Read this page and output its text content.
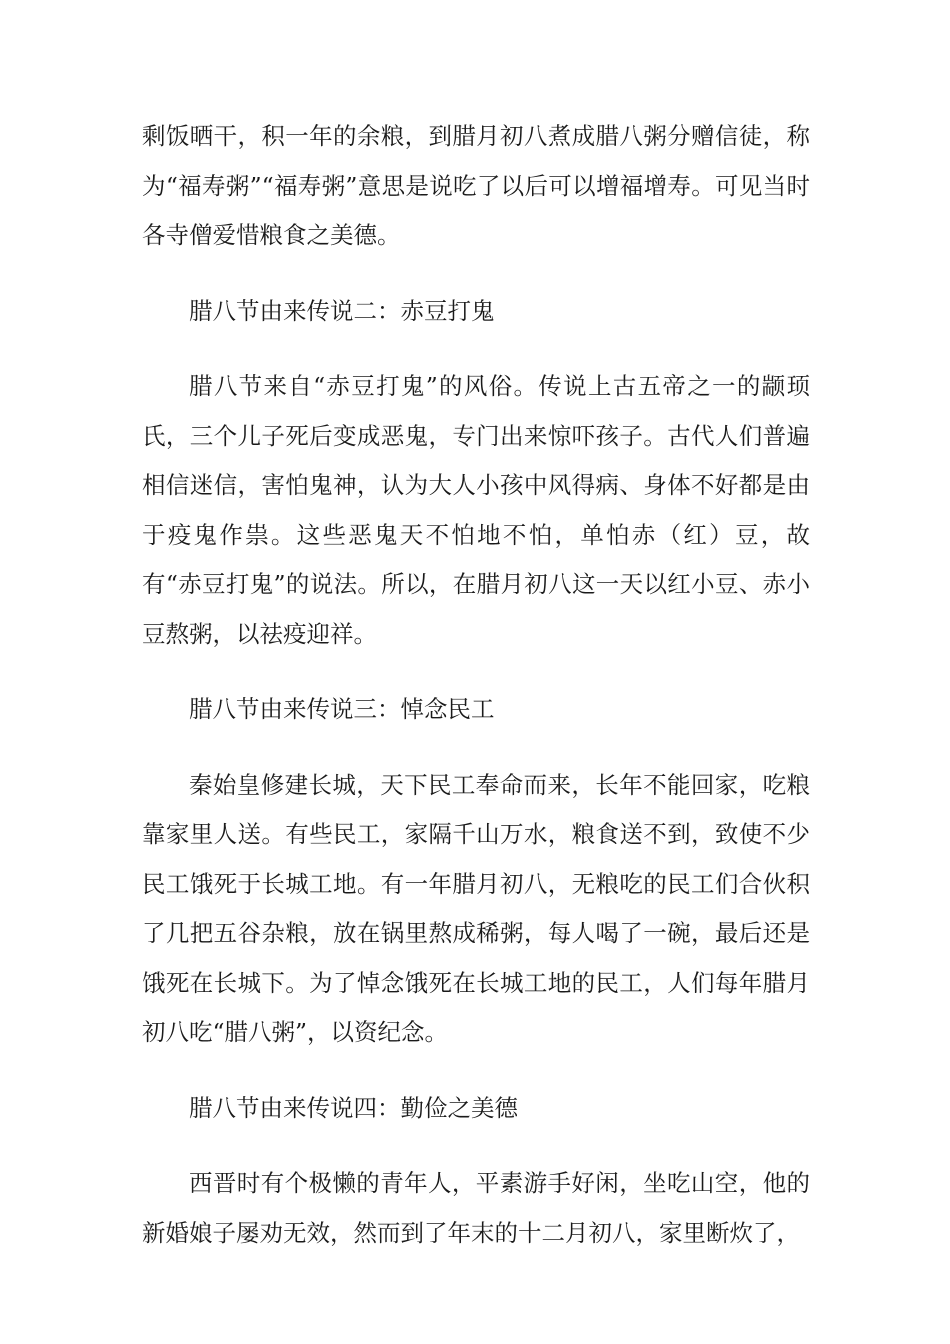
剩饭晒干，积一年的余粮，到腊月初八煮成腊八粥分赠信徒，称为“福寿粥”“福寿粥”意思是说吃了以后可以增福增寿。可见当时各寺僧爱惜粮食之美德。

腊八节由来传说二：赤豆打鬼

腊八节来自“赤豆打鬼”的风俗。传说上古五帝之一的颛顼氏，三个儿子死后变成恶鬼，专门出来惊吓孩子。古代人们普遍相信迷信，害怕鬼神，认为大人小孩中风得病、身体不好都是由于疫鬼作祟。这些恶鬼天不怕地不怕，单怕赤（红）豆，故有“赤豆打鬼”的说法。所以，在腊月初八这一天以红小豆、赤小豆熬粥，以祛疫迎祥。

腊八节由来传说三：悼念民工

秦始皇修建长城，天下民工奉命而来，长年不能回家，吃粮靠家里人送。有些民工，家隔千山万水，粮食送不到，致使不少民工饿死于长城工地。有一年腊月初八，无粮吃的民工们合伙积了几把五谷杂粮，放在锅里熬成稀粥，每人喝了一碗，最后还是饿死在长城下。为了悼念饿死在长城工地的民工，人们每年腊月初八吃“腊八粥”，以资纪念。

腊八节由来传说四：勤俭之美德

西晋时有个极懒的青年人，平素游手好闲，坐吃山空，他的新婚娘子屡劝无效，然而到了年末的十二月初八，家里断炊了，
